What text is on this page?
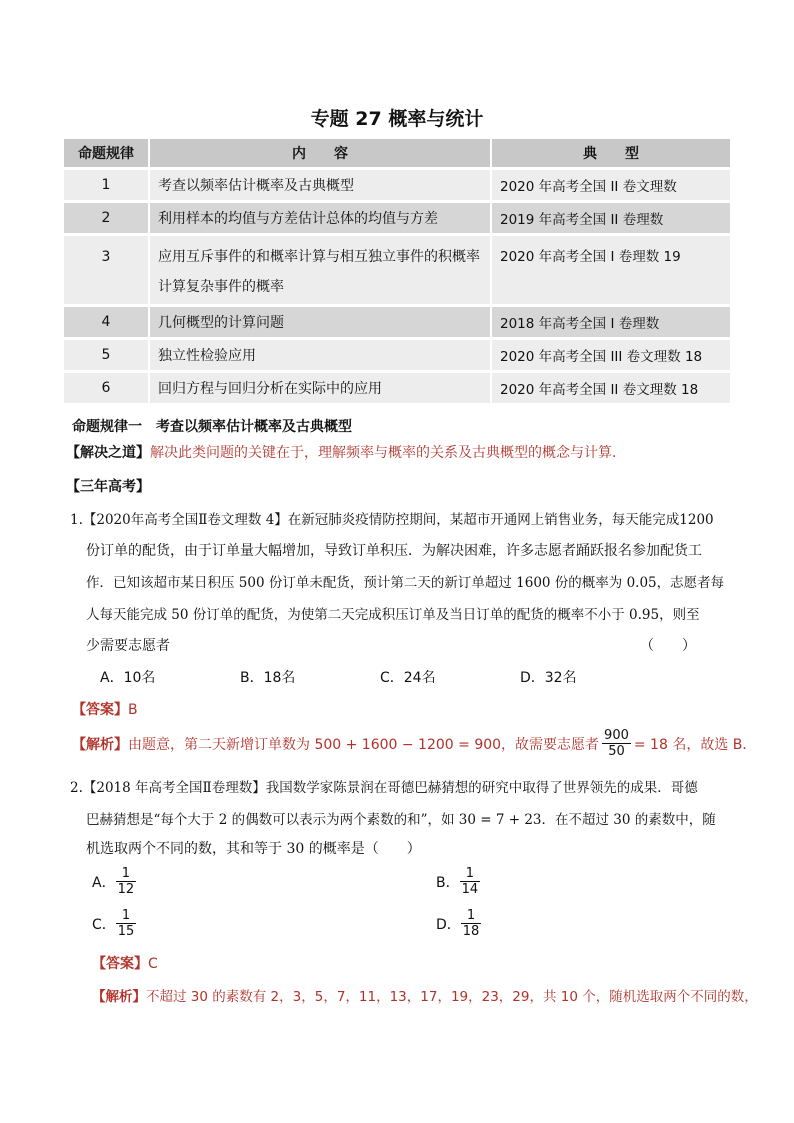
专题 27 概率与统计
命题规律	内　　容	典　　型
1	考查以频率估计概率及古典概型	2020 年高考全国 II 卷文理数
2	利用样本的均值与方差估计总体的均值与方差	2019 年高考全国 II 卷理数
3	应用互斥事件的和概率计算与相互独立事件的积概率计算复杂事件的概率	2020 年高考全国 I 卷理数 19
4	几何概型的计算问题	2018 年高考全国 I 卷理数
5	独立性检验应用	2020 年高考全国 III 卷文理数 18
6	回归方程与回归分析在实际中的应用	2020 年高考全国 II 卷文理数 18
命题规律一　考查以频率估计概率及古典概型
【解决之道】解决此类问题的关键在于，理解频率与概率的关系及古典概型的概念与计算.
【三年高考】
1.【2020年高考全国Ⅱ卷文理数 4】在新冠肺炎疫情防控期间，某超市开通网上销售业务，每天能完成1200
份订单的配货，由于订单量大幅增加，导致订单积压．为解决困难，许多志愿者踊跃报名参加配货工
作．已知该超市某日积压 500 份订单未配货，预计第二天的新订单超过 1600 份的概率为 0.05，志愿者每
人每天能完成 50 份订单的配货，为使第二天完成积压订单及当日订单的配货的概率不小于 0.95，则至
少需要志愿者	（　　）
A．10名	B．18名	C．24名	D．32名
【答案】B
【解析】 由题意，第二天新增订单数为 500 + 1600 − 1200 = 900，故需要志愿者 $\frac{900}{50} = 18$ 名，故选 B．
2.【2018 年高考全国Ⅱ卷理数】我国数学家陈景润在哥德巴赫猜想的研究中取得了世界领先的成果．哥德
巴赫猜想是“每个大于 2 的偶数可以表示为两个素数的和”，如 30 = 7 + 23．在不超过 30 的素数中，随
机选取两个不同的数，其和等于 30 的概率是（　　）
A． $\frac{1}{12}$	B． $\frac{1}{14}$
C． $\frac{1}{15}$	D． $\frac{1}{18}$
【答案】C
【解析】不超过 30 的素数有 2，3，5，7，11，13，17，19，23，29，共 10 个，随机选取两个不同的数，
